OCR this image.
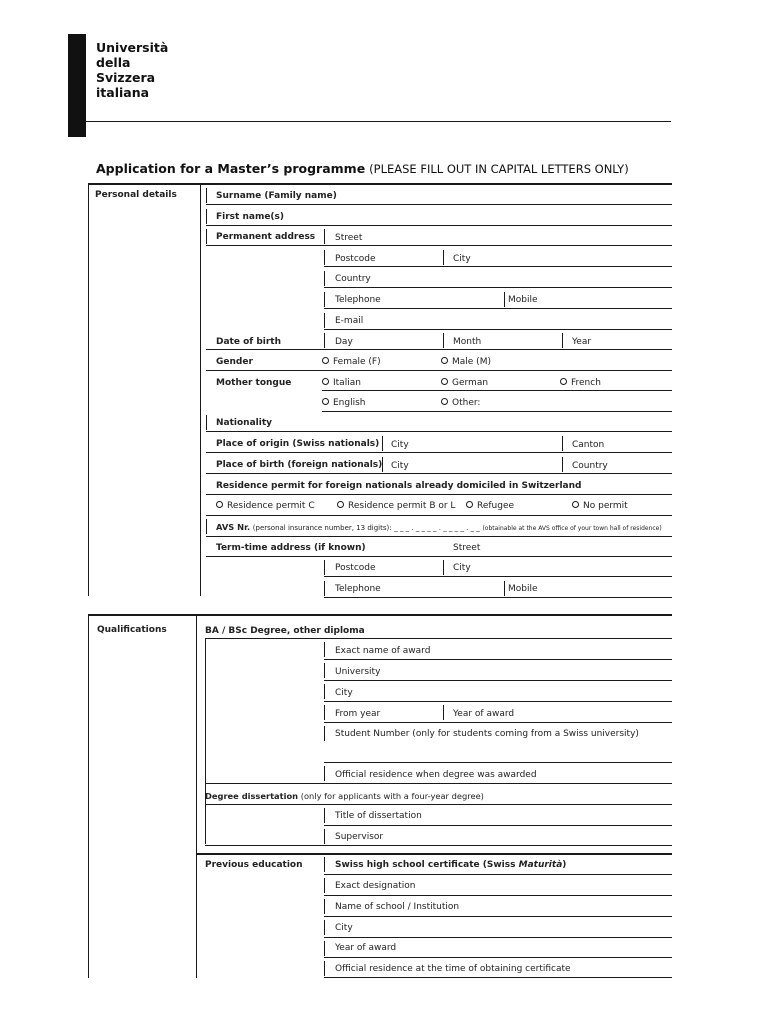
Università
della
Svizzera
italiana
Application for a Master’s programme (PLEASE FILL OUT IN CAPITAL LETTERS ONLY)
Personal details	Surname (Family name)
First name(s)
Permanent address Street
Postcode	City
Country
Telephone	Mobile
E-mail
Date of birth	Day	Month	Year
Gender	Female (F)	Male (M)
Mother tongue	Italian	German	French
English	Other:
Nationality
Place of origin (Swiss nationals) City	Canton
Place of birth (foreign nationals) City	Country
Residence permit for foreign nationals already domiciled in Switzerland
Residence permit C	Residence permit B or L	Refugee	No permit
AVS Nr. (personal insurance number, 13 digits): _ _ _ . _ _ _ _ . _ _ _ _ . _ _ (obtainable at the AVS office of your town hall of residence)
Term-time address (if known)	Street
Postcode	City
Telephone	Mobile
Qualifications	BA / BSc Degree, other diploma
Exact name of award
University
City
From year	Year of award
Student Number (only for students coming from a Swiss university)
Official residence when degree was awarded
Degree dissertation (only for applicants with a four-year degree)
Title of dissertation
Supervisor
Previous education	Swiss high school certificate (Swiss Maturità)
Exact designation
Name of school / Institution
City
Year of award
Official residence at the time of obtaining certificate
